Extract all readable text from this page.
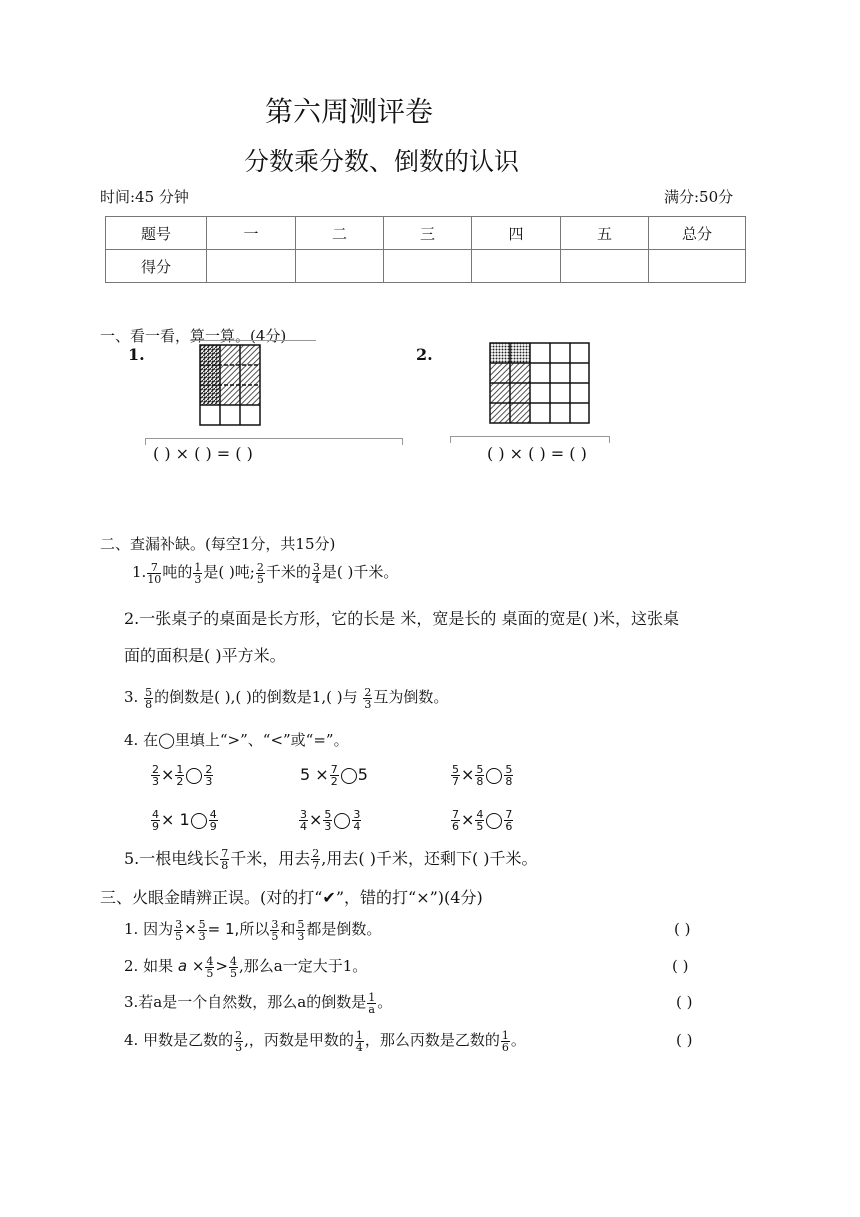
第六周测评卷
分数乘分数、倒数的认识
时间:45 分钟	满分:50分
题号	一	二	三	四	五	总分
得分						
一、看一看，算一算。(4分)
1.	2.
( ) × ( ) = ( )	( ) × ( ) = ( )
二、查漏补缺。(每空1分，共15分)
1. $\frac{7}{10}$ 吨的 $\frac{1}{3}$ 是( )吨; $\frac{2}{5}$ 千米的 $\frac{3}{4}$ 是( )千米。
2.一张桌子的桌面是长方形，它的长是 米，宽是长的 桌面的宽是( )米，这张桌
面的面积是( )平方米。
3. $\frac{5}{8}$ 的倒数是( ),( )的倒数是1,( )与 $\frac{2}{3}$ 互为倒数。
4. 在◯里填上“>”、“<”或“=”。
$\frac{2}{3} \times \frac{1}{2} \frac{2}{3}$	$5 \times \frac{7}{2} 5$	$\frac{5}{7} \times \frac{5}{8} \frac{5}{8}$
$\frac{4}{9} \times 1 \frac{4}{9}$	$\frac{3}{4} \times \frac{5}{3} \frac{3}{4}$	$\frac{7}{6} \times \frac{4}{5} \frac{7}{6}$
5.一根电线长 $\frac{7}{8}$ 千米，用去 $\frac{2}{7}$ ,用去( )千米，还剩下( )千米。
三、火眼金睛辨正误。(对的打“✔”，错的打“×”)(4分)
1. 因为 $\frac{3}{5} \times \frac{5}{3} = 1$,所以 $\frac{3}{5}$ 和 $\frac{5}{3}$ 都是倒数。	( )
2. 如果 $a \times \frac{4}{5} > \frac{4}{5}$ ,那么a一定大于1。	( )
3.若a是一个自然数，那么a的倒数是 $\frac{1}{a}$ 。	( )
4. 甲数是乙数的 $\frac{2}{3}$ ,，丙数是甲数的 $\frac{1}{4}$ ，那么丙数是乙数的 $\frac{1}{6}$ 。	( )
